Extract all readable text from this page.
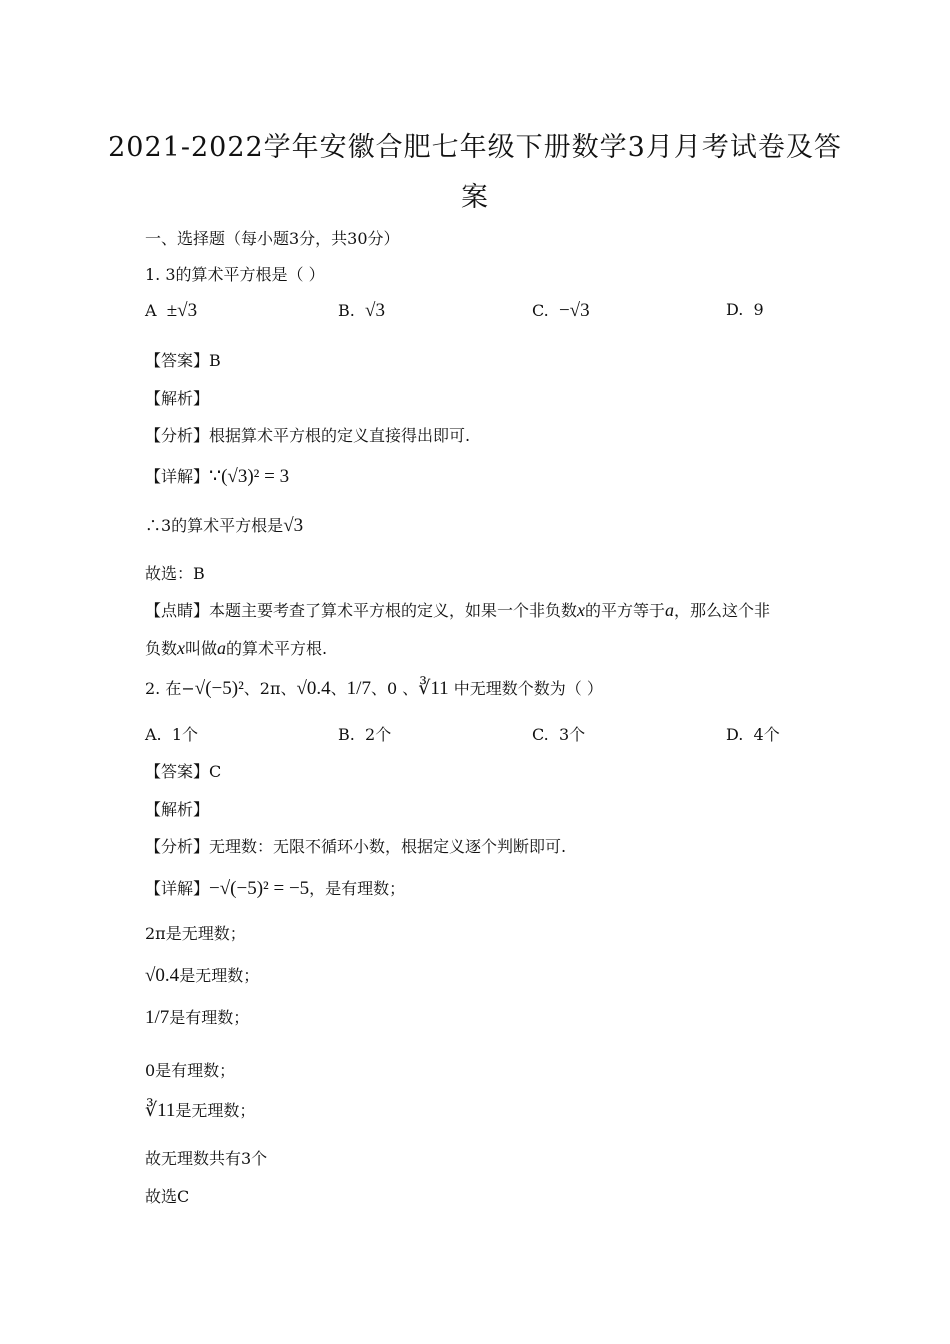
2021-2022学年安徽合肥七年级下册数学3月月考试卷及答
案
一、选择题（每小题3分，共30分）
1. 3的算术平方根是（ ）
A ±√3	B. √3	C. −√3	D. 9
【答案】B
【解析】
【分析】根据算术平方根的定义直接得出即可.
【详解】∵(√3)² = 3
∴3的算术平方根是√3
故选：B
【点睛】本题主要考查了算术平方根的定义，如果一个非负数x的平方等于a，那么这个非
负数x叫做a的算术平方根.
2. 在−√(−5)²、2π、√0.4、1/7、0 、∛11 中无理数个数为（ ）
A. 1个	B. 2个	C. 3个	D. 4个
【答案】C
【解析】
【分析】无理数：无限不循环小数，根据定义逐个判断即可.
【详解】−√(−5)² = −5，是有理数；
2π是无理数；
√0.4是无理数；
1/7是有理数；
0是有理数；
∛11是无理数；
故无理数共有3个
故选C
